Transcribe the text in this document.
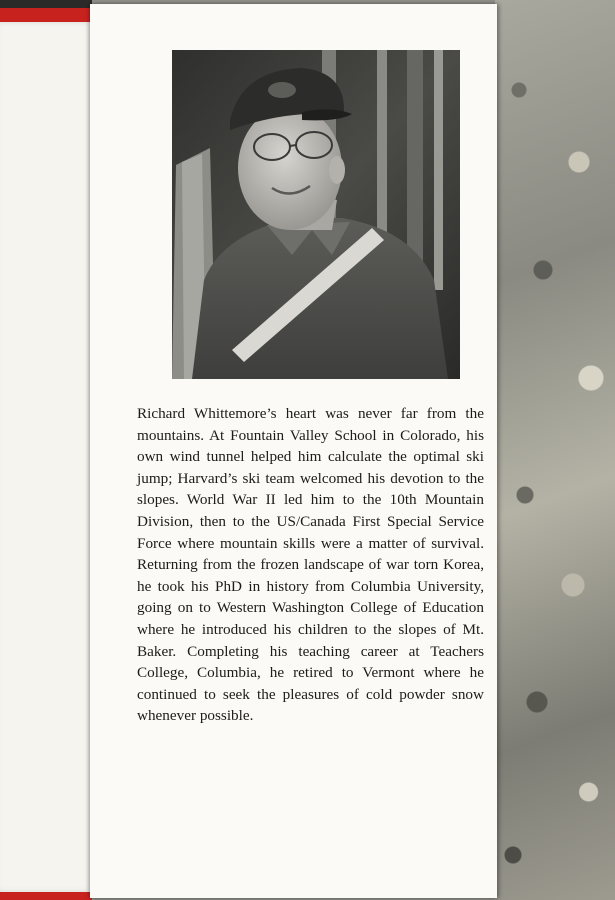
Richard Whittemore’s heart was never far from the mountains. At Fountain Valley School in Colorado, his own wind tunnel helped him calculate the optimal ski jump; Harvard’s ski team welcomed his devotion to the slopes. World War II led him to the 10th Mountain Division, then to the US/Canada First Special Service Force where mountain skills were a matter of survival. Returning from the frozen landscape of war torn Korea, he took his PhD in history from Columbia University, going on to Western Washington College of Education where he introduced his children to the slopes of Mt. Baker. Completing his teaching career at Teachers College, Columbia, he retired to Vermont where he continued to seek the pleasures of cold powder snow whenever possible.
